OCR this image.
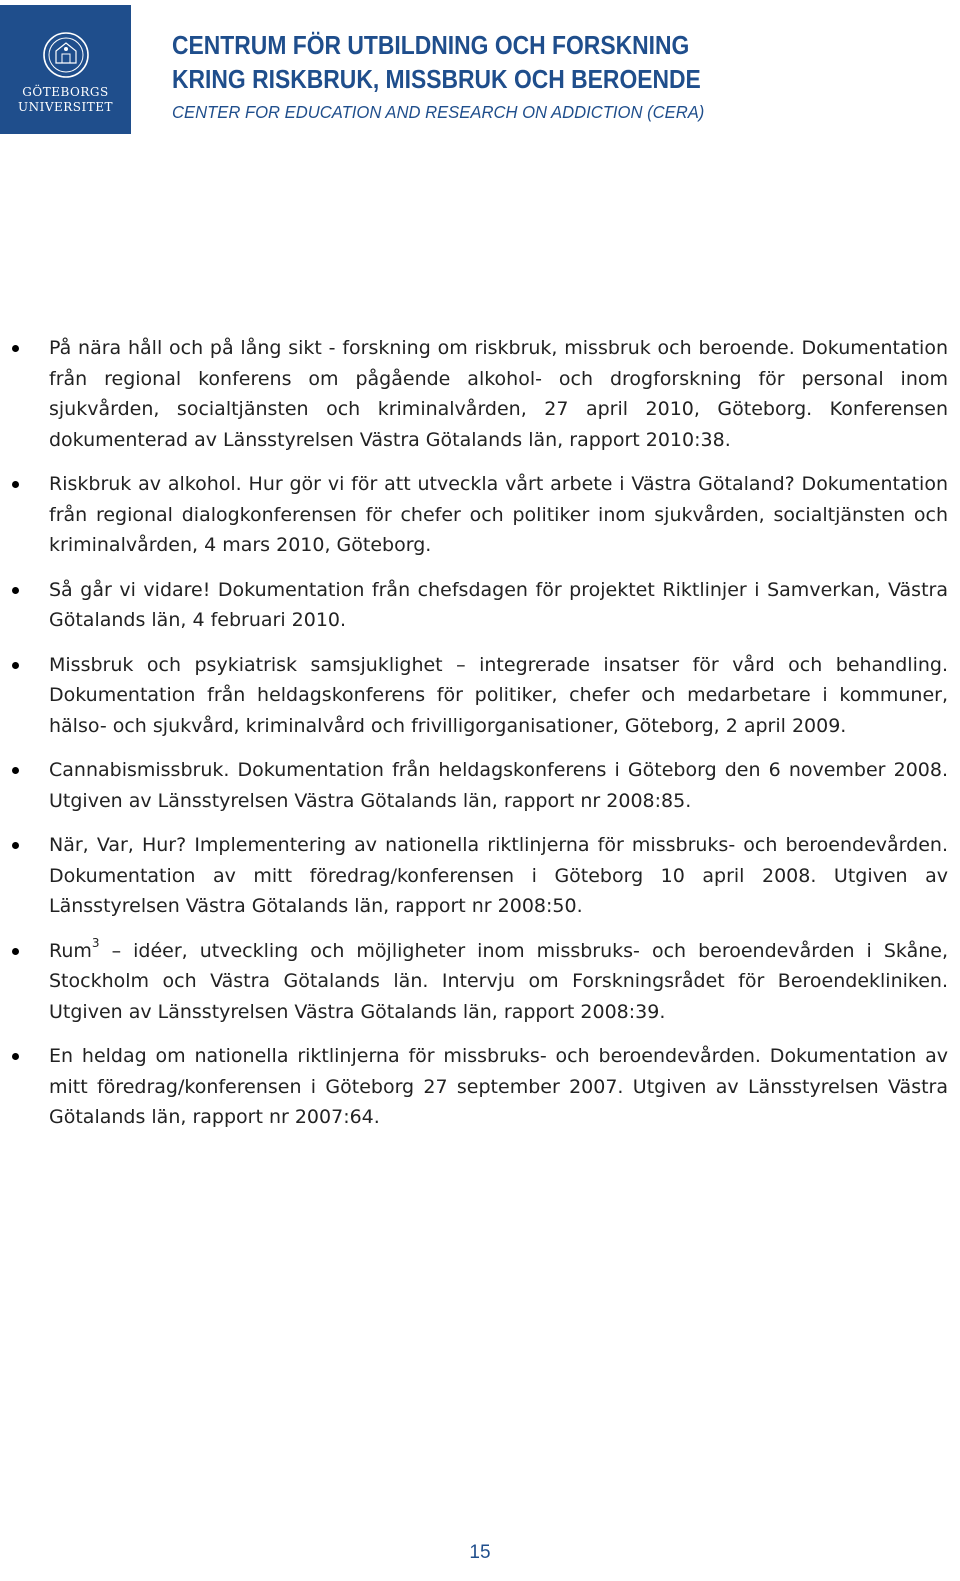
GÖTEBORGS
UNIVERSITET
CENTRUM FÖR UTBILDNING OCH FORSKNING
KRING RISKBRUK, MISSBRUK OCH BEROENDE
CENTER FOR EDUCATION AND RESEARCH ON ADDICTION (CERA)
På nära håll och på lång sikt - forskning om riskbruk, missbruk och beroende. Dokumentation från regional konferens om pågående alkohol- och drogforskning för personal inom sjukvården, socialtjänsten och kriminalvården, 27 april 2010, Göteborg. Konferensen dokumenterad av Länsstyrelsen Västra Götalands län, rapport 2010:38.
Riskbruk av alkohol. Hur gör vi för att utveckla vårt arbete i Västra Götaland? Dokumentation från regional dialogkonferensen för chefer och politiker inom sjukvården, socialtjänsten och kriminalvården, 4 mars 2010, Göteborg.
Så går vi vidare! Dokumentation från chefsdagen för projektet Riktlinjer i Samverkan, Västra Götalands län, 4 februari 2010.
Missbruk och psykiatrisk samsjuklighet – integrerade insatser för vård och behandling. Dokumentation från heldagskonferens för politiker, chefer och medarbetare i kommuner, hälso- och sjukvård, kriminalvård och frivilligorganisationer, Göteborg, 2 april 2009.
Cannabismissbruk. Dokumentation från heldagskonferens i Göteborg den 6 november 2008. Utgiven av Länsstyrelsen Västra Götalands län, rapport nr 2008:85.
När, Var, Hur? Implementering av nationella riktlinjerna för missbruks- och beroendevården. Dokumentation av mitt föredrag/konferensen i Göteborg 10 april 2008. Utgiven av Länsstyrelsen Västra Götalands län, rapport nr 2008:50.
Rum$^3$ – idéer, utveckling och möjligheter inom missbruks- och beroendevården i Skåne, Stockholm och Västra Götalands län. Intervju om Forskningsrådet för Beroendekliniken. Utgiven av Länsstyrelsen Västra Götalands län, rapport 2008:39.
En heldag om nationella riktlinjerna för missbruks- och beroendevården. Dokumentation av mitt föredrag/konferensen i Göteborg 27 september 2007. Utgiven av Länsstyrelsen Västra Götalands län, rapport nr 2007:64.
15
